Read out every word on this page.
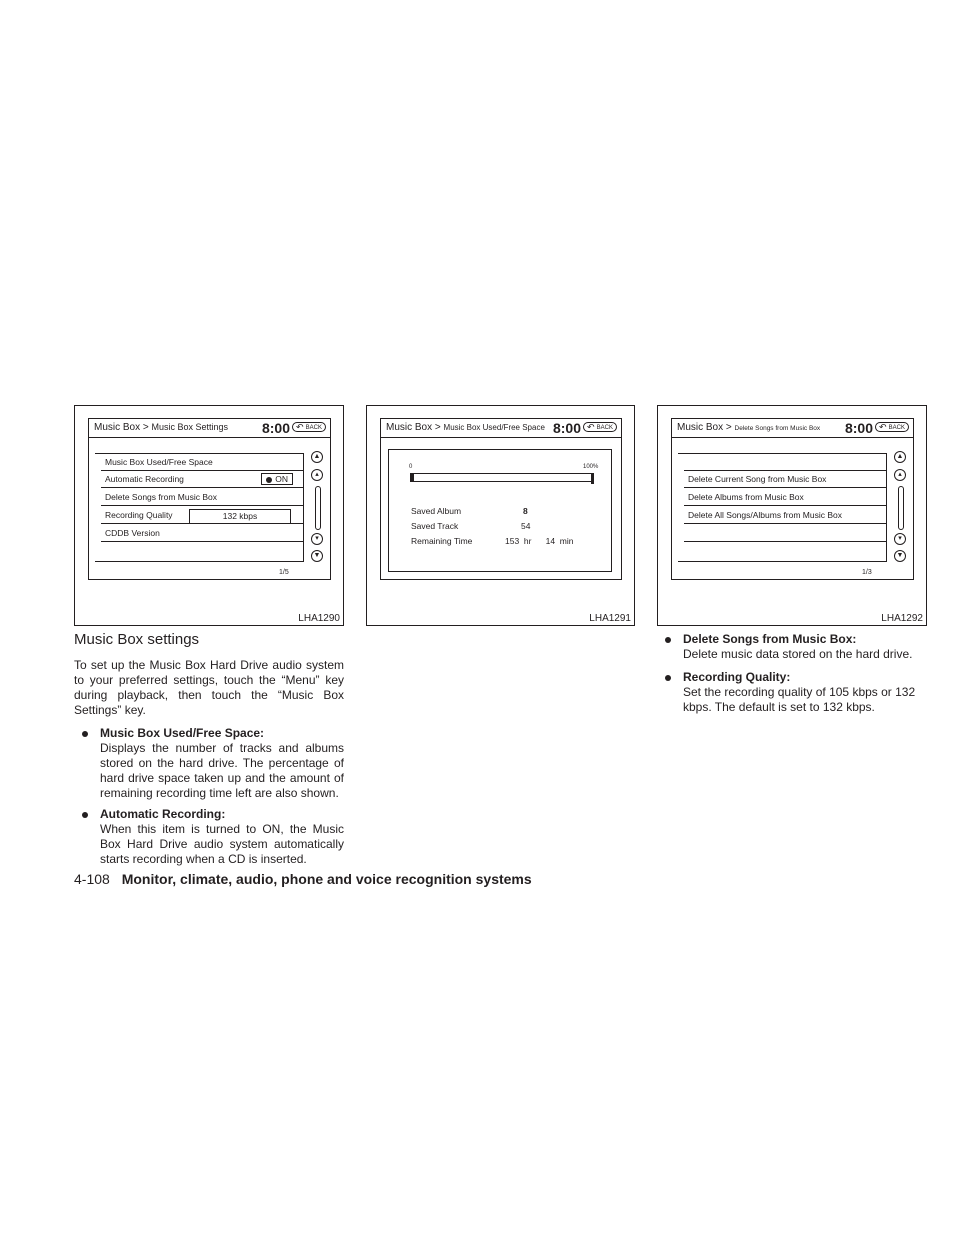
Music Box > Music Box Settings 8:00	↶ BACK
Music Box Used/Free Space
Automatic Recording	ON
Delete Songs from Music Box
Recording Quality	132 kbps
CDDB Version
▲
▴
▾
▼
1/5
LHA1290
Music Box > Music Box Used/Free Space 8:00	↶ BACK
0	100%
Saved Album	8
Saved Track	54
Remaining Time	153  hr      14  min
LHA1291
Music Box > Delete Songs from Music Box 8:00	↶ BACK
Delete Current Song from Music Box
Delete Albums from Music Box
Delete All Songs/Albums from Music Box
▲
▴
▾
▼
1/3
LHA1292
Music Box settings
To set up the Music Box Hard Drive audio system to your preferred settings, touch the “Menu” key during playback, then touch the “Music Box Settings” key.
Music Box Used/Free Space:
Displays the number of tracks and albums stored on the hard drive. The percentage of hard drive space taken up and the amount of remaining recording time left are also shown.
Automatic Recording:
When this item is turned to ON, the Music Box Hard Drive audio system automatically starts recording when a CD is inserted.
Delete Songs from Music Box:
Delete music data stored on the hard drive.
Recording Quality:
Set the recording quality of 105 kbps or 132 kbps. The default is set to 132 kbps.
4-108 Monitor, climate, audio, phone and voice recognition systems
